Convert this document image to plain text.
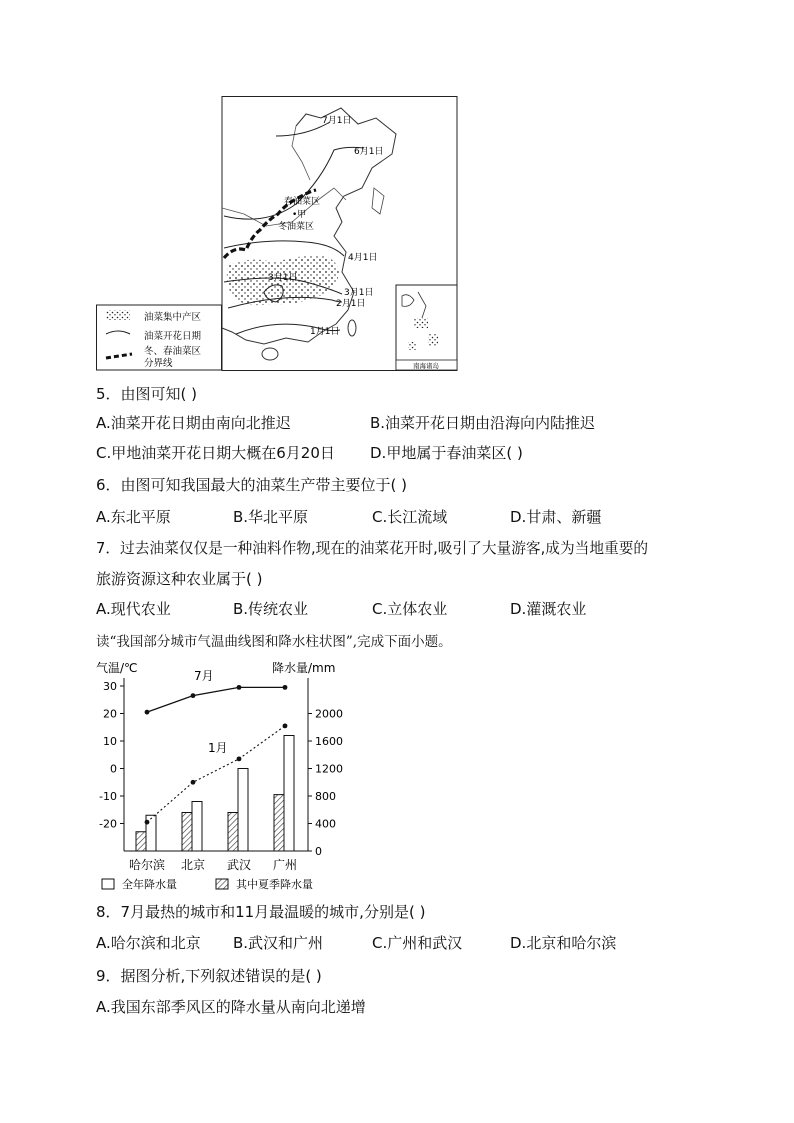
7月1日
6月1日
春油菜区
•甲
冬油菜区
4月1日
3月1日
3月1日
2月1日
1月1日
南海诸岛
油菜集中产区
油菜开花日期
冬、春油菜区
分界线
5．由图可知( )
A.油菜开花日期由南向北推迟	B.油菜开花日期由沿海向内陆推迟
C.甲地油菜开花日期大概在6月20日 D.甲地属于春油菜区( )
6．由图可知我国最大的油菜生产带主要位于( )
A.东北平原	B.华北平原	C.长江流域	D.甘肃、新疆
7．过去油菜仅仅是一种油料作物,现在的油菜花开时,吸引了大量游客,成为当地重要的
旅游资源这种农业属于( )
A.现代农业	B.传统农业	C.立体农业	D.灌溉农业
读“我国部分城市气温曲线图和降水柱状图”,完成下面小题。
气温/℃	降水量/mm
30
20
10
0
-10
-20
2000
1600
1200
800
400
0
哈尔滨 北京 武汉 广州
7月
1月
全年降水量	其中夏季降水量
8．7月最热的城市和11月最温暖的城市,分别是( )
A.哈尔滨和北京 B.武汉和广州	C.广州和武汉	D.北京和哈尔滨
9．据图分析,下列叙述错误的是( )
A.我国东部季风区的降水量从南向北递增
